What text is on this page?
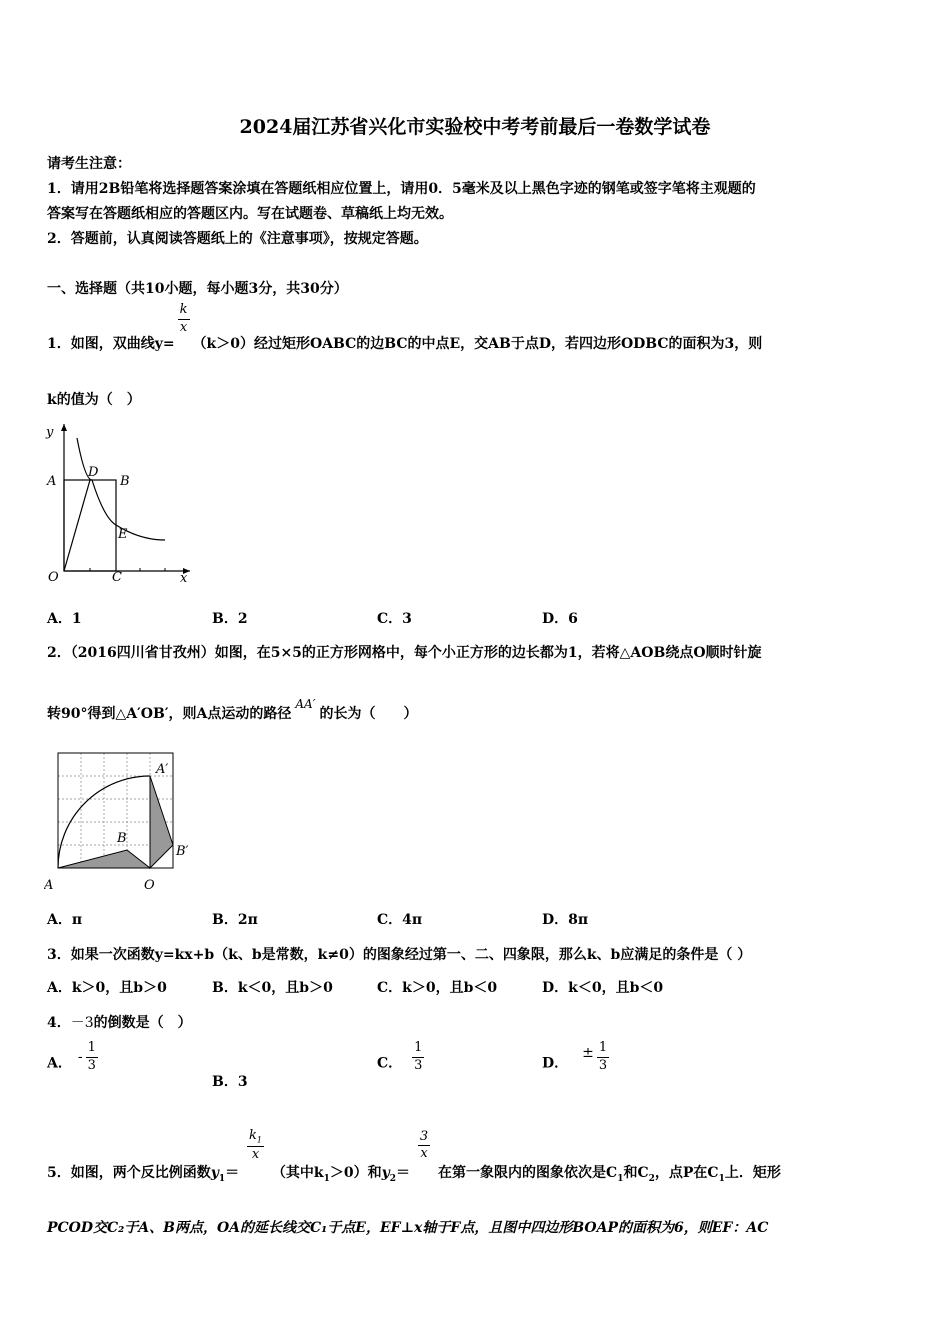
2024届江苏省兴化市实验校中考考前最后一卷数学试卷
请考生注意：
1．请用2B铅笔将选择题答案涂填在答题纸相应位置上，请用0．5毫米及以上黑色字迹的钢笔或签字笔将主观题的
答案写在答题纸相应的答题区内。写在试题卷、草稿纸上均无效。
2．答题前，认真阅读答题纸上的《注意事项》，按规定答题。
一、选择题（共10小题，每小题3分，共30分）
1．如图，双曲线y=
$\frac{k}{x}$
（k＞0）经过矩形OABC的边BC的中点E，交AB于点D，若四边形ODBC的面积为3，则
k的值为（　）
y
x
A	B
D
E
O	C
A．1	B．2	C．3	D．6
2．（2016四川省甘孜州）如图，在5×5的正方形网格中，每个小正方形的边长都为1，若将△AOB绕点O顺时针旋
转90°得到△A′OB′，则A点运动的路径AA′的长为（　　）
A	O
B
A′
B′
A．π	B．2π	C．4π	D．8π
3．如果一次函数y=kx+b（k、b是常数，k≠0）的图象经过第一、二、四象限，那么k、b应满足的条件是（ ）
A．k＞0，且b＞0	B．k＜0，且b＞0	C．k＞0，且b＜0	D．k＜0，且b＜0
4．－3的倒数是（　）
A． - $\frac{1}{3}$
B．3
C． $\frac{1}{3}$	D．± $\frac{1}{3}$
5．如图，两个反比例函数$y_1=$
$\frac{k_1}{x}$
（其中$k_1>0$）和$y_2=$
$\frac{3}{x}$
在第一象限内的图象依次是$C_1$和$C_2$，点P在$C_1$上．矩形
PCOD交C₂于A、B两点，OA的延长线交C₁于点E，EF⊥x轴于F点，且图中四边形BOAP的面积为6，则EF：AC
